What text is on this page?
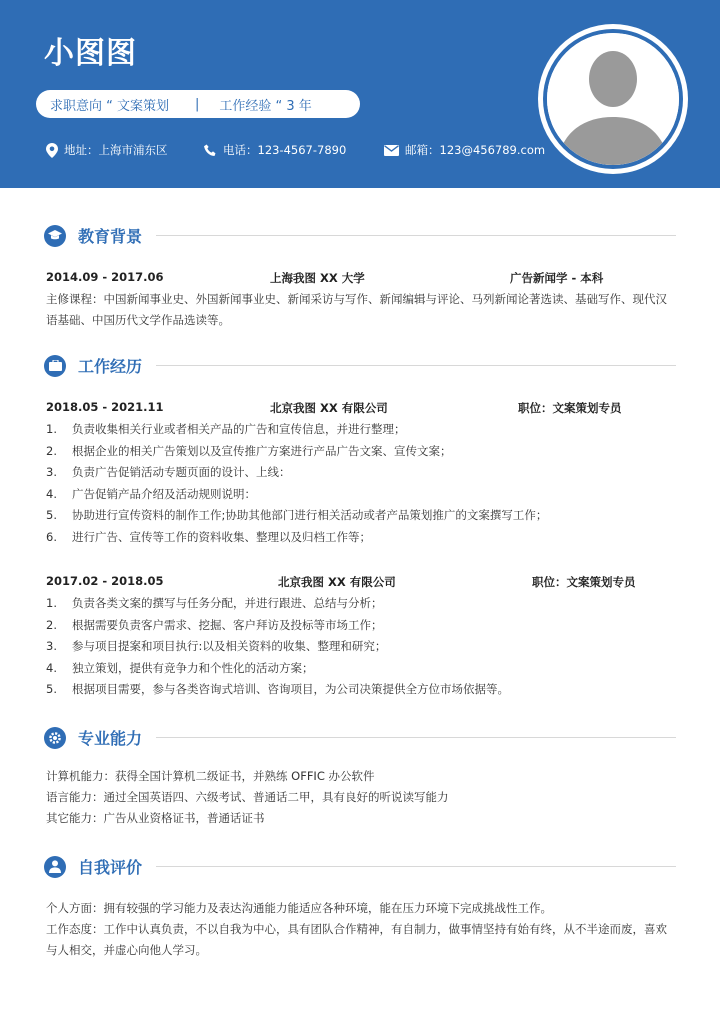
小图图
求职意向 “ 文案策划 | 工作经验 “ 3 年
地址：上海市浦东区	电话：123-4567-7890	邮箱：123@456789.com
教育背景
2014.09 - 2017.06	上海我图 XX 大学	广告新闻学 - 本科
主修课程：中国新闻事业史、外国新闻事业史、新闻采访与写作、新闻编辑与评论、马列新闻论著选读、基础写作、现代汉语基础、中国历代文学作品选读等。
工作经历
2018.05 - 2021.11	北京我图 XX 有限公司	职位：文案策划专员
1. 负责收集相关行业或者相关产品的广告和宣传信息，并进行整理；
2. 根据企业的相关广告策划以及宣传推广方案进行产品广告文案、宣传文案；
3. 负责广告促销活动专题页面的设计、上线：
4. 广告促销产品介绍及活动规则说明：
5. 协助进行宣传资料的制作工作;协助其他部门进行相关活动或者产品策划推广的文案撰写工作；
6. 进行广告、宣传等工作的资料收集、整理以及归档工作等；
2017.02 - 2018.05	北京我图 XX 有限公司	职位：文案策划专员
1. 负责各类文案的撰写与任务分配，并进行跟进、总结与分析；
2. 根据需要负责客户需求、挖掘、客户拜访及投标等市场工作；
3. 参与项目提案和项目执行:以及相关资料的收集、整理和研究；
4. 独立策划，提供有竞争力和个性化的活动方案；
5. 根据项目需要，参与各类咨询式培训、咨询项目，为公司决策提供全方位市场依据等。
专业能力

计算机能力：获得全国计算机二级证书，并熟练 OFFIC 办公软件

语言能力：通过全国英语四、六级考试、普通话二甲，具有良好的听说读写能力

其它能力：广告从业资格证书，普通话证书

自我评价

个人方面：拥有较强的学习能力及表达沟通能力能适应各种环境，能在压力环境下完成挑战性工作。

工作态度：工作中认真负责，不以自我为中心，具有团队合作精神，有自制力，做事情坚持有始有终，从不半途而废，喜欢与人相交，并虚心向他人学习。
